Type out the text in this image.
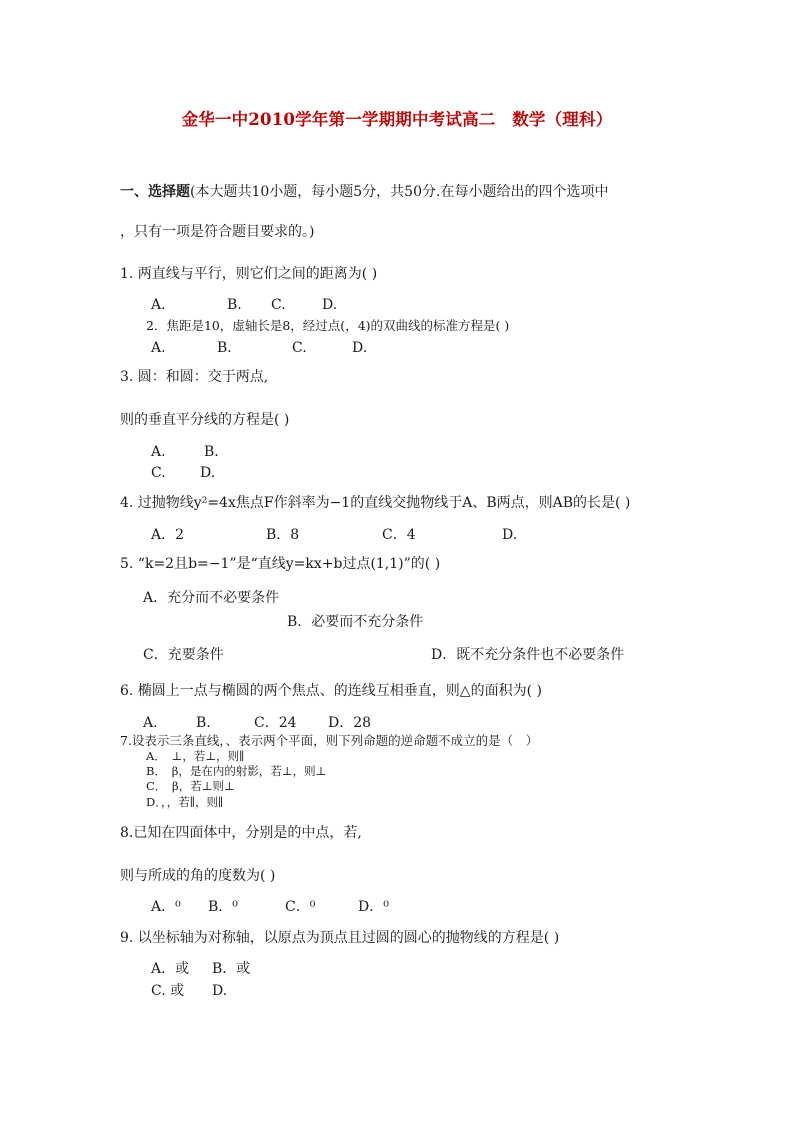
金华一中2010学年第一学期期中考试高二　数学（理科）
一、选择题(本大题共10小题，每小题5分，共50分.在每小题给出的四个选项中
，只有一项是符合题目要求的。)
1. 两直线与平行，则它们之间的距离为( )
A.	B. C.	D.
2．焦距是10，虚轴长是8，经过点(，4)的双曲线的标准方程是( )
A.	B．	C.	D.
3. 圆：和圆：交于两点,
则的垂直平分线的方程是( )
A.	B.
C. D.
4. 过抛物线y²=4x焦点F作斜率为−1的直线交抛物线于A、B两点，则AB的长是( )
A．2	B．8	C．4	D.
5. “k=2且b=−1”是“直线y=kx+b过点(1,1)”的( )
A．充分而不必要条件
B．必要而不充分条件
C．充要条件	D．既不充分条件也不必要条件
6. 椭圆上一点与椭圆的两个焦点、的连线互相垂直，则△的面积为( )
A.	B.	C．24 D．28
7.设表示三条直线，、表示两个平面，则下列命题的逆命题不成立的是（　）
A．　⊥，若⊥，则∥
B．　β，是在内的射影，若⊥，则⊥
C．　β，若⊥则⊥
D．，，若∥，则∥
8.已知在四面体中，分别是的中点，若,
则与所成的角的度数为( )
A．⁰ B．⁰	C．⁰	D．⁰
9. 以坐标轴为对称轴，以原点为顶点且过圆的圆心的抛物线的方程是( )
A．或 B．或
C. 或 D.
